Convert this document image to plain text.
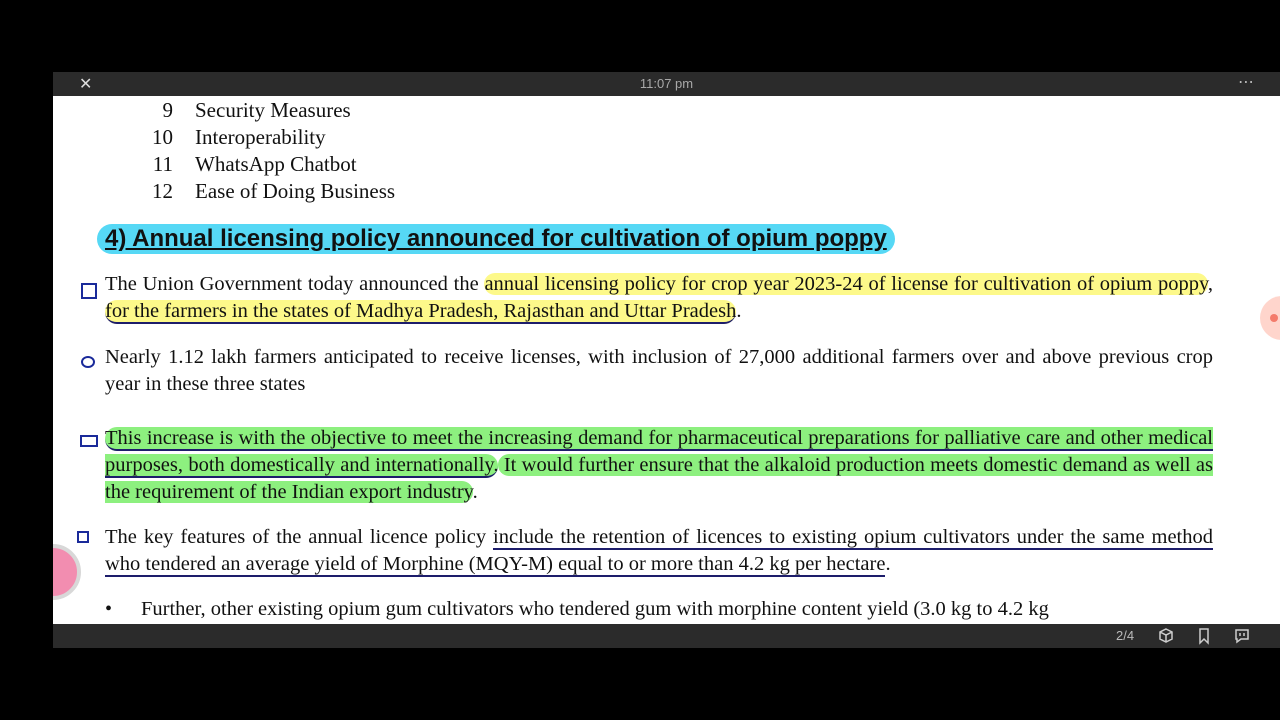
✕	11:07 pm	⋯
9 Security Measures
10 Interoperability
11 WhatsApp Chatbot
12 Ease of Doing Business
4) Annual licensing policy announced for cultivation of opium poppy
The Union Government today announced the annual licensing policy for crop year 2023-24 of license for cultivation of opium poppy, for the farmers in the states of Madhya Pradesh, Rajasthan and Uttar Pradesh.
Nearly 1.12 lakh farmers anticipated to receive licenses, with inclusion of 27,000 additional farmers over and above previous crop year in these three states
This increase is with the objective to meet the increasing demand for pharmaceutical preparations for palliative care and other medical purposes, both domestically and internationally. It would further ensure that the alkaloid production meets domestic demand as well as the requirement of the Indian export industry.
The key features of the annual licence policy include the retention of licences to existing opium cultivators under the same method who tendered an average yield of Morphine (MQY-M) equal to or more than 4.2 kg per hectare.
• Further, other existing opium gum cultivators who tendered gum with morphine content yield (3.0 kg to 4.2 kg
2/4
